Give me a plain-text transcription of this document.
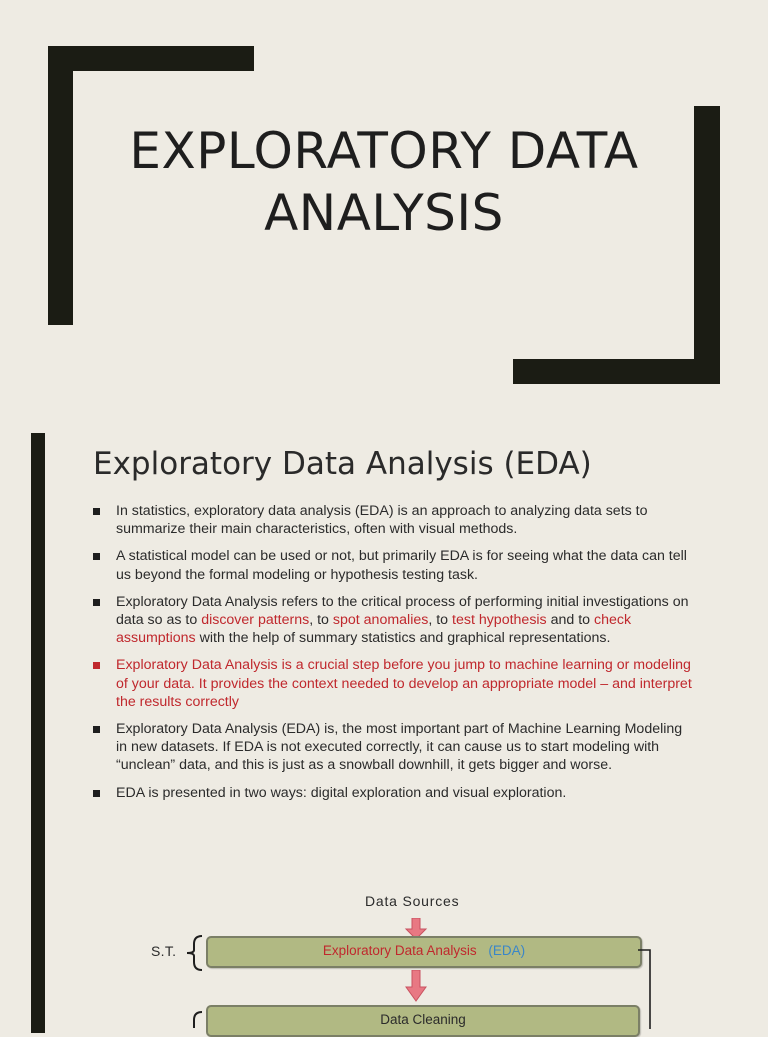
EXPLORATORY DATA
ANALYSIS
Exploratory Data Analysis (EDA)
In statistics, exploratory data analysis (EDA) is an approach to analyzing data sets to summarize their main characteristics, often with visual methods.
A statistical model can be used or not, but primarily EDA is for seeing what the data can tell us beyond the formal modeling or hypothesis testing task.
Exploratory Data Analysis refers to the critical process of performing initial investigations on data so as to discover patterns, to spot anomalies, to test hypothesis and to check assumptions with the help of summary statistics and graphical representations.
Exploratory Data Analysis is a crucial step before you jump to machine learning or modeling of your data. It provides the context needed to develop an appropriate model – and interpret the results correctly
Exploratory Data Analysis (EDA) is, the most important part of Machine Learning Modeling in new datasets. If EDA is not executed correctly, it can cause us to start modeling with “unclean” data, and this is just as a snowball downhill, it gets bigger and worse.
EDA is presented in two ways: digital exploration and visual exploration.
Data Sources
S.T.	Exploratory Data Analysis (EDA)
Data Cleaning
